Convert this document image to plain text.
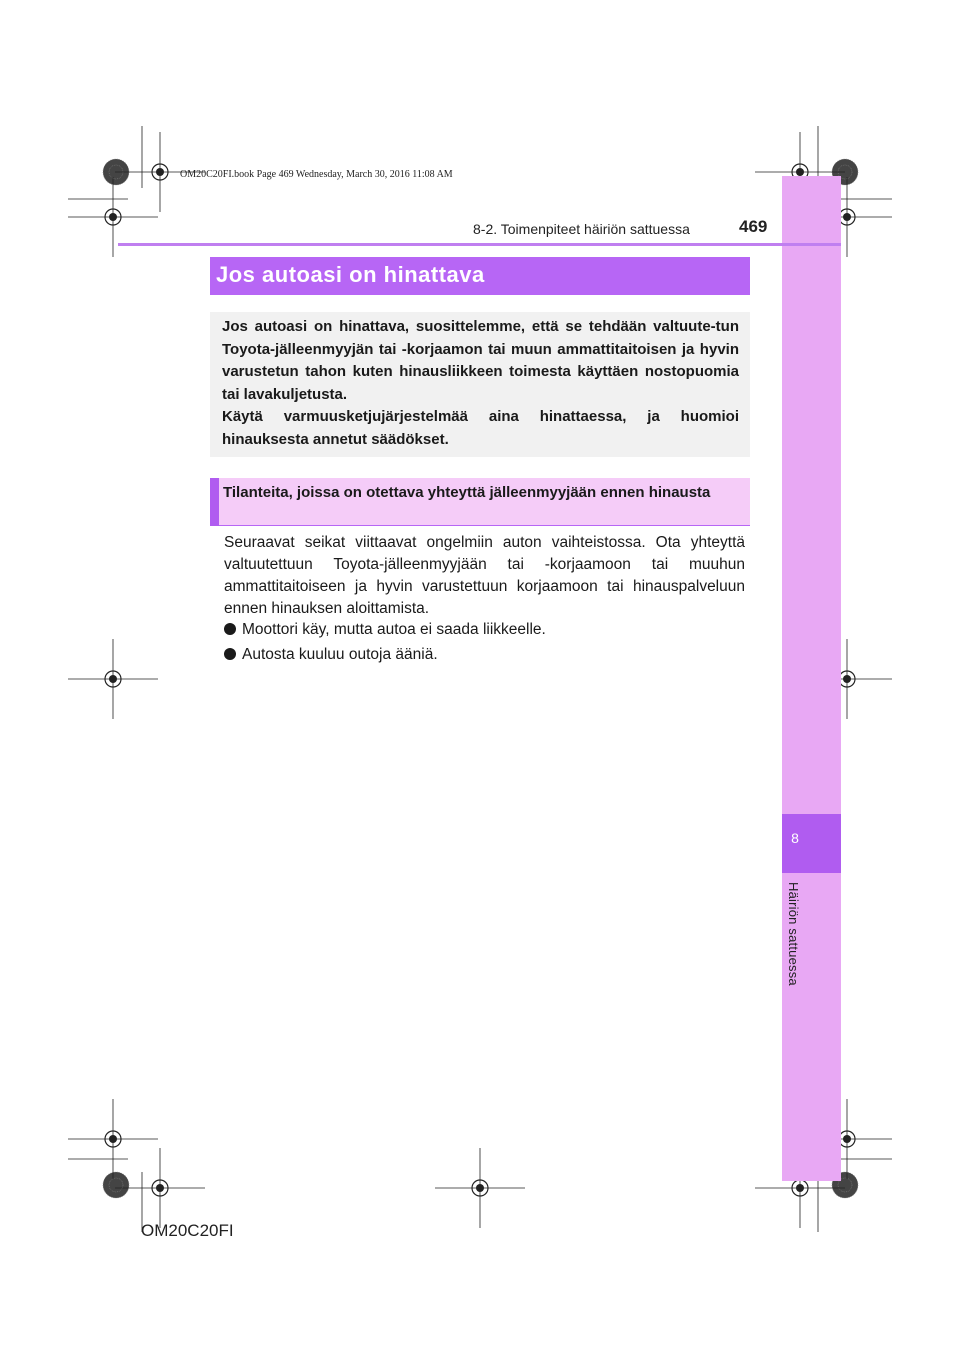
8
Häiriön sattuessa
OM20C20FI.book Page 469 Wednesday, March 30, 2016 11:08 AM
8-2. Toimenpiteet häiriön sattuessa	469
Jos autoasi on hinattava
Jos autoasi on hinattava, suosittelemme, että se tehdään valtuute-tun Toyota-jälleenmyyjän tai -korjaamon tai muun ammattitaitoisen ja hyvin varustetun tahon kuten hinausliikkeen toimesta käyttäen nostopuomia tai lavakuljetusta.
Käytä varmuusketjujärjestelmää aina hinattaessa, ja huomioi hinauksesta annetut säädökset.
Tilanteita, joissa on otettava yhteyttä jälleenmyyjään ennen hinausta
Seuraavat seikat viittaavat ongelmiin auton vaihteistossa. Ota yhteyttä valtuutettuun Toyota-jälleenmyyjään tai -korjaamoon tai muuhun ammattitaitoiseen ja hyvin varustettuun korjaamoon tai hinauspalveluun ennen hinauksen aloittamista.
Moottori käy, mutta autoa ei saada liikkeelle.
Autosta kuuluu outoja ääniä.
OM20C20FI
